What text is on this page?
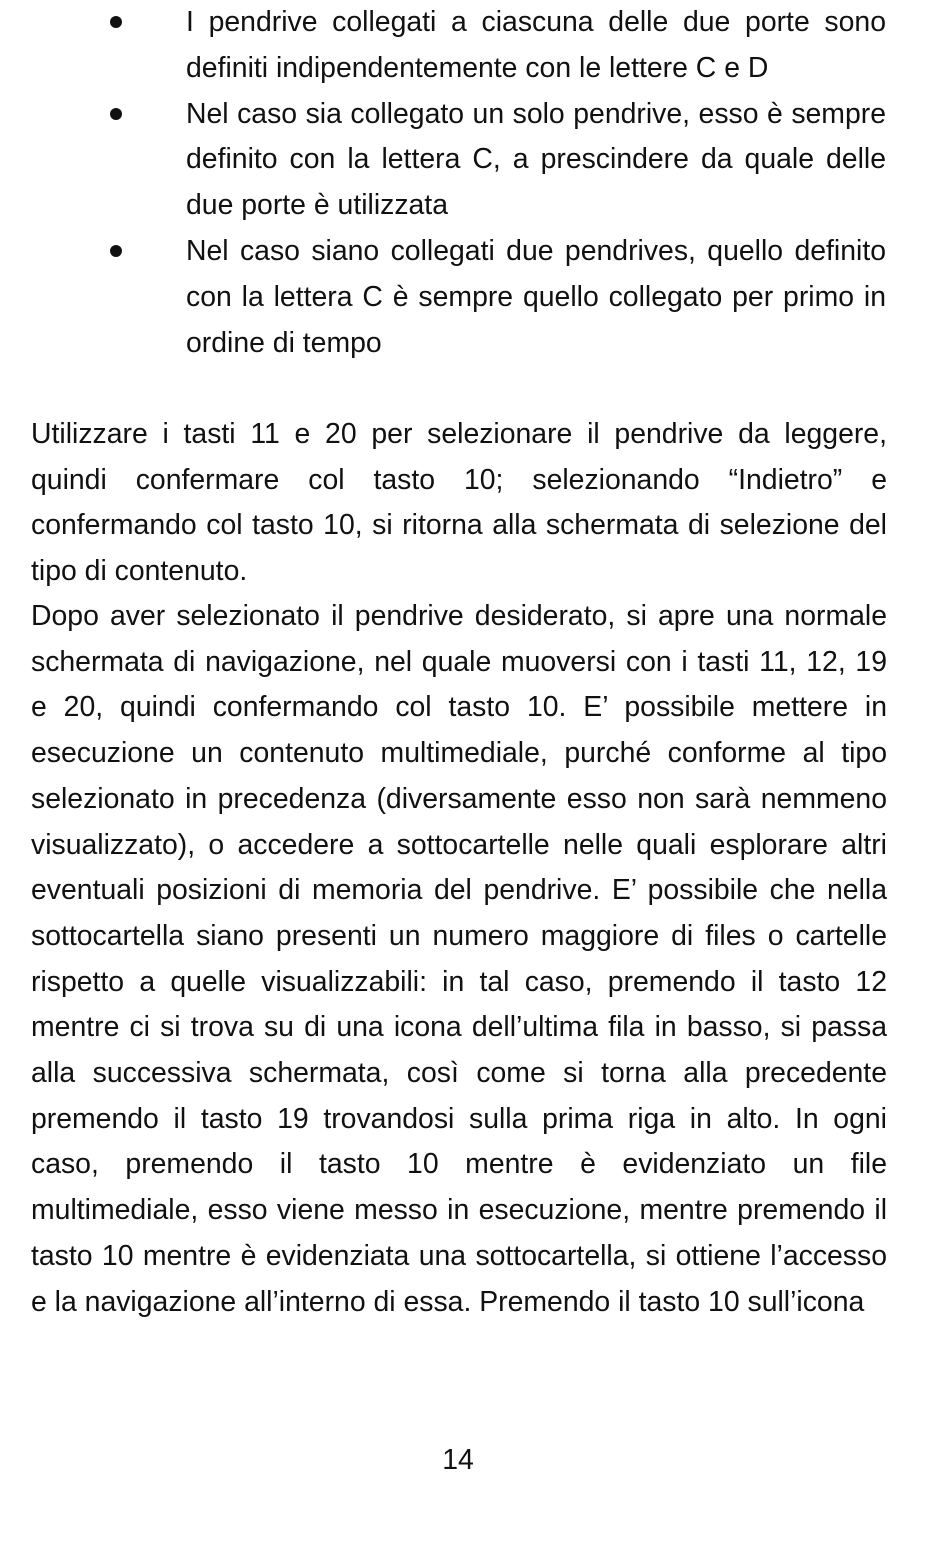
I pendrive collegati a ciascuna delle due porte sono definiti indipendentemente con le lettere C e D
Nel caso sia collegato un solo pendrive, esso è sempre definito con la lettera C, a prescindere da quale delle due porte è utilizzata
Nel caso siano collegati due pendrives, quello definito con la lettera C è sempre quello collegato per primo in ordine di tempo

Utilizzare i tasti 11 e 20 per selezionare il pendrive da leggere, quindi confermare col tasto 10; selezionando “Indietro” e confermando col tasto 10, si ritorna alla schermata di selezione del tipo di contenuto.

Dopo aver selezionato il pendrive desiderato, si apre una normale schermata di navigazione, nel quale muoversi con i tasti 11, 12, 19 e 20, quindi confermando col tasto 10. E’ possibile mettere in esecuzione un contenuto multimediale, purché conforme al tipo selezionato in precedenza (diversamente esso non sarà nemmeno visualizzato), o accedere a sottocartelle nelle quali esplorare altri eventuali posizioni di memoria del pendrive. E’ possibile che nella sottocartella siano presenti un numero maggiore di files o cartelle rispetto a quelle visualizzabili: in tal caso, premendo il tasto 12 mentre ci si trova su di una icona dell’ultima fila in basso, si passa alla successiva schermata, così come si torna alla precedente premendo il tasto 19 trovandosi sulla prima riga in alto. In ogni caso, premendo il tasto 10 mentre è evidenziato un file multimediale, esso viene messo in esecuzione, mentre premendo il tasto 10 mentre è evidenziata una sottocartella, si ottiene l’accesso e la navigazione all’interno di essa. Premendo il tasto 10 sull’icona

14
